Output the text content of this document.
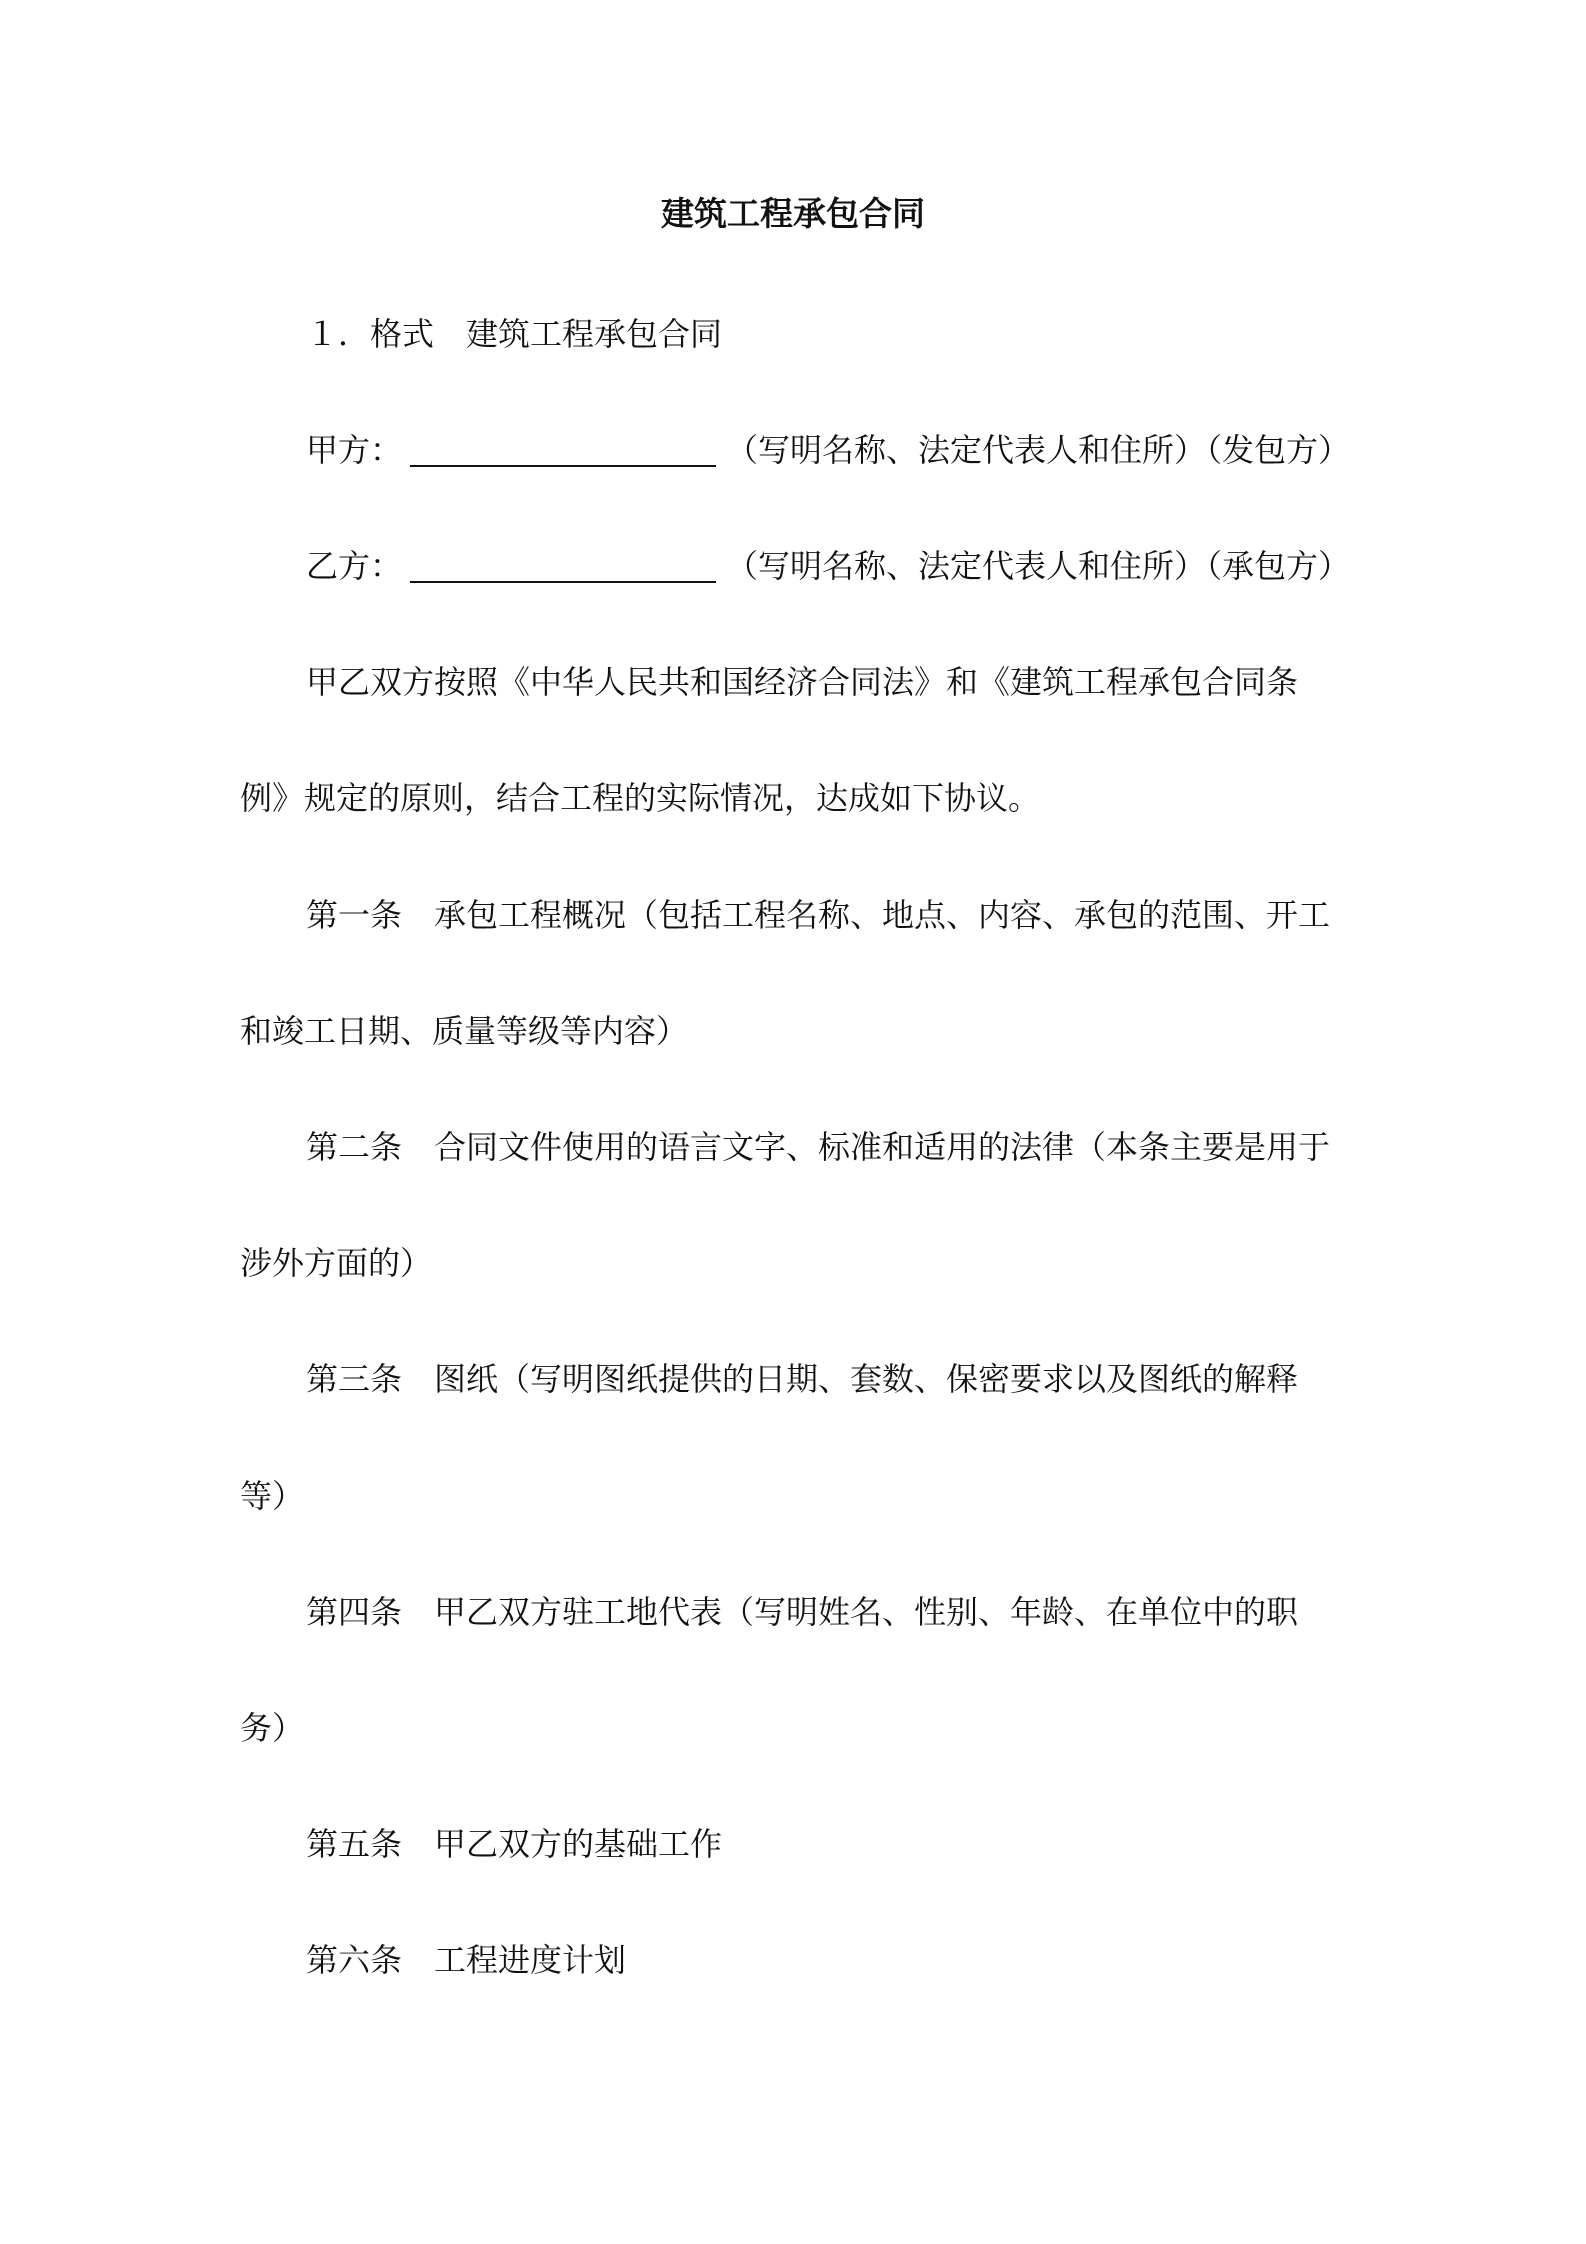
建筑工程承包合同
１．格式 建筑工程承包合同
甲方：	（写明名称、法定代表人和住所）（发包方）
乙方：	（写明名称、法定代表人和住所）（承包方）
甲乙双方按照《中华人民共和国经济合同法》和《建筑工程承包合同条
例》规定的原则，结合工程的实际情况，达成如下协议。
第一条 承包工程概况（包括工程名称、地点、内容、承包的范围、开工
和竣工日期、质量等级等内容）
第二条 合同文件使用的语言文字、标准和适用的法律（本条主要是用于
涉外方面的）
第三条 图纸（写明图纸提供的日期、套数、保密要求以及图纸的解释
等）
第四条 甲乙双方驻工地代表（写明姓名、性别、年龄、在单位中的职
务）
第五条 甲乙双方的基础工作
第六条 工程进度计划
